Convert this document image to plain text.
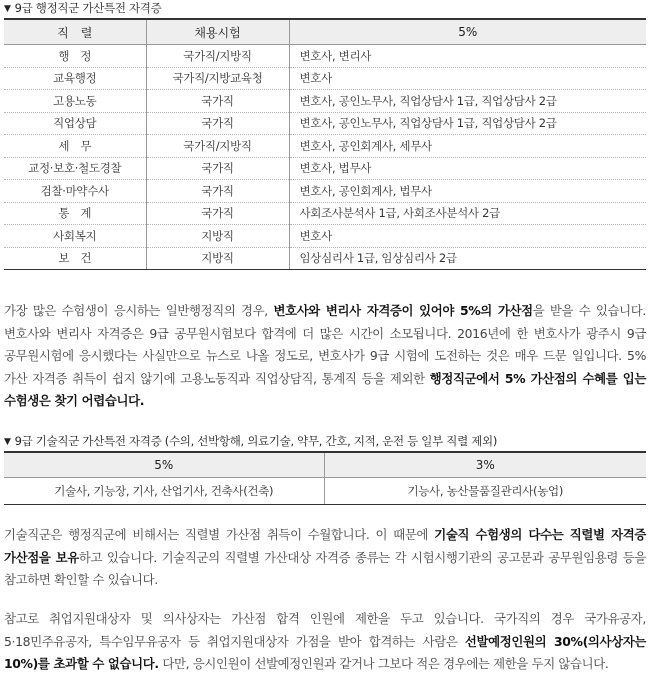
▼ 9급 행정직군 가산특전 자격증
직　렬	채용시험	5%
행　정	국가직/지방직	변호사, 변리사
교육행정	국가직/지방교육청	변호사
고용노동	국가직	변호사, 공인노무사, 직업상담사 1급, 직업상담사 2급
직업상담	국가직	변호사, 공인노무사, 직업상담사 1급, 직업상담사 2급
세　무	국가직/지방직	변호사, 공인회계사, 세무사
교정·보호·철도경찰	국가직	변호사, 법무사
검찰·마약수사	국가직	변호사, 공인회계사, 법무사
통　계	국가직	사회조사분석사 1급, 사회조사분석사 2급
사회복지	지방직	변호사
보　건	지방직	임상심리사 1급, 임상심리사 2급

가장 많은 수험생이 응시하는 일반행정직의 경우, 변호사와 변리사 자격증이 있어야 5%의 가산점을 받을 수 있습니다. 변호사와 변리사 자격증은 9급 공무원시험보다 합격에 더 많은 시간이 소모됩니다. 2016년에 한 변호사가 광주시 9급 공무원시험에 응시했다는 사실만으로 뉴스로 나올 정도로, 변호사가 9급 시험에 도전하는 것은 매우 드문 일입니다. 5% 가산 자격증 취득이 쉽지 않기에 고용노동직과 직업상담직, 통계직 등을 제외한 행정직군에서 5% 가산점의 수혜를 입는 수험생은 찾기 어렵습니다.

▼ 9급 기술직군 가산특전 자격증 (수의, 선박항해, 의료기술, 약무, 간호, 지적, 운전 등 일부 직렬 제외)
5%	3%
기술사, 기능장, 기사, 산업기사, 건축사(건축)	기능사, 농산물품질관리사(농업)

기술직군은 행정직군에 비해서는 직렬별 가산점 취득이 수월합니다. 이 때문에 기술직 수험생의 다수는 직렬별 자격증 가산점을 보유하고 있습니다. 기술직군의 직렬별 가산대상 자격증 종류는 각 시험시행기관의 공고문과 공무원임용령 등을 참고하면 확인할 수 있습니다.

참고로 취업지원대상자 및 의사상자는 가산점 합격 인원에 제한을 두고 있습니다. 국가직의 경우 국가유공자, 5·18민주유공자, 특수임무유공자 등 취업지원대상자 가점을 받아 합격하는 사람은 선발예정인원의 30%(의사상자는 10%)를 초과할 수 없습니다. 다만, 응시인원이 선발예정인원과 같거나 그보다 적은 경우에는 제한을 두지 않습니다.
